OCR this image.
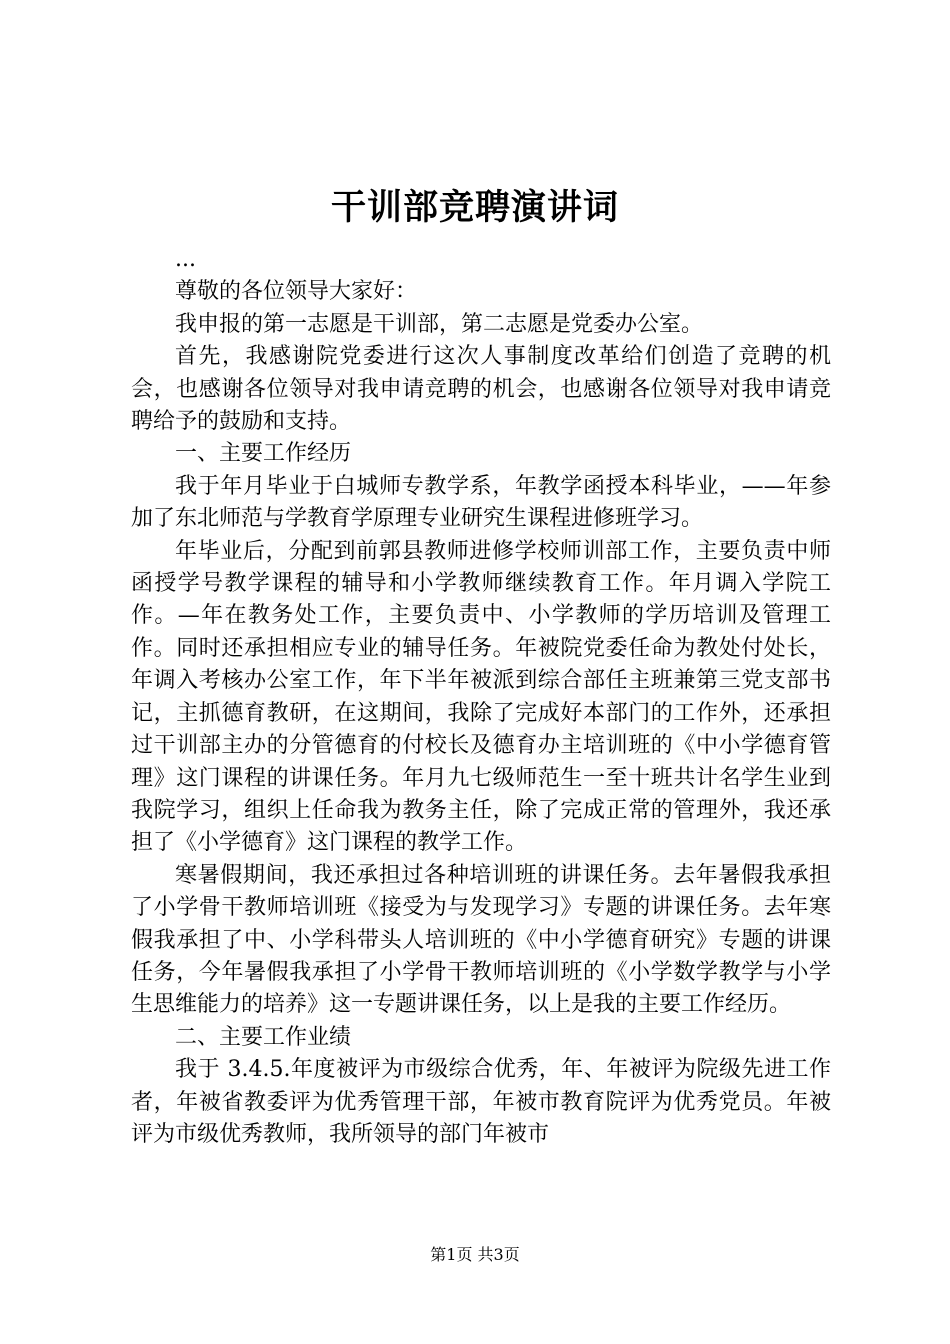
干训部竞聘演讲词

...

尊敬的各位领导大家好：

我申报的第一志愿是干训部，第二志愿是党委办公室。

首先，我感谢院党委进行这次人事制度改革给们创造了竞聘的机会，也感谢各位领导对我申请竞聘的机会，也感谢各位领导对我申请竞聘给予的鼓励和支持。

一、主要工作经历

我于年月毕业于白城师专教学系，年教学函授本科毕业，——年参加了东北师范与学教育学原理专业研究生课程进修班学习。

年毕业后，分配到前郭县教师进修学校师训部工作，主要负责中师函授学号教学课程的辅导和小学教师继续教育工作。年月调入学院工作。—年在教务处工作，主要负责中、小学教师的学历培训及管理工作。同时还承担相应专业的辅导任务。年被院党委任命为教处付处长，年调入考核办公室工作，年下半年被派到综合部任主班兼第三党支部书记，主抓德育教研，在这期间，我除了完成好本部门的工作外，还承担过干训部主办的分管德育的付校长及德育办主培训班的《中小学德育管理》这门课程的讲课任务。年月九七级师范生一至十班共计名学生业到我院学习，组织上任命我为教务主任，除了完成正常的管理外，我还承担了《小学德育》这门课程的教学工作。

寒暑假期间，我还承担过各种培训班的讲课任务。去年暑假我承担了小学骨干教师培训班《接受为与发现学习》专题的讲课任务。去年寒假我承担了中、小学科带头人培训班的《中小学德育研究》专题的讲课任务，今年暑假我承担了小学骨干教师培训班的《小学数学教学与小学生思维能力的培养》这一专题讲课任务，以上是我的主要工作经历。

二、主要工作业绩

我于 3.4.5.年度被评为市级综合优秀，年、年被评为院级先进工作者，年被省教委评为优秀管理干部，年被市教育院评为优秀党员。年被评为市级优秀教师，我所领导的部门年被市

第1页 共3页
